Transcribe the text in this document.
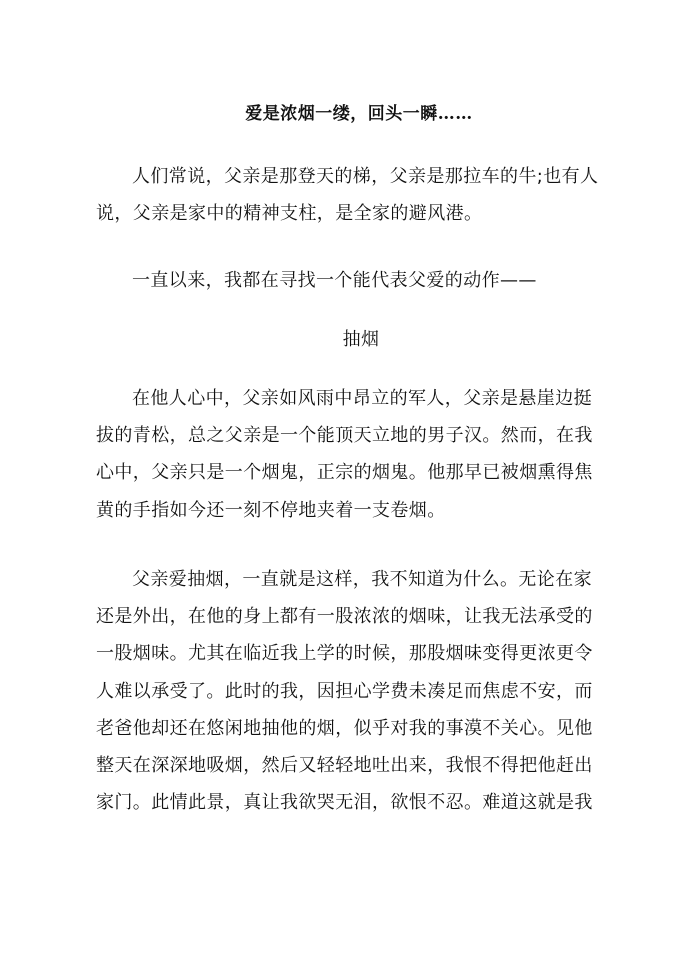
爱是浓烟一缕，回头一瞬……

人们常说，父亲是那登天的梯，父亲是那拉车的牛;也有人说，父亲是家中的精神支柱，是全家的避风港。

一直以来，我都在寻找一个能代表父爱的动作——

抽烟

在他人心中，父亲如风雨中昂立的军人，父亲是悬崖边挺拔的青松，总之父亲是一个能顶天立地的男子汉。然而，在我心中，父亲只是一个烟鬼，正宗的烟鬼。他那早已被烟熏得焦黄的手指如今还一刻不停地夹着一支卷烟。

父亲爱抽烟，一直就是这样，我不知道为什么。无论在家还是外出，在他的身上都有一股浓浓的烟味，让我无法承受的一股烟味。尤其在临近我上学的时候，那股烟味变得更浓更令人难以承受了。此时的我，因担心学费未凑足而焦虑不安，而老爸他却还在悠闲地抽他的烟，似乎对我的事漠不关心。见他整天在深深地吸烟，然后又轻轻地吐出来，我恨不得把他赶出家门。此情此景，真让我欲哭无泪，欲恨不忍。难道这就是我
